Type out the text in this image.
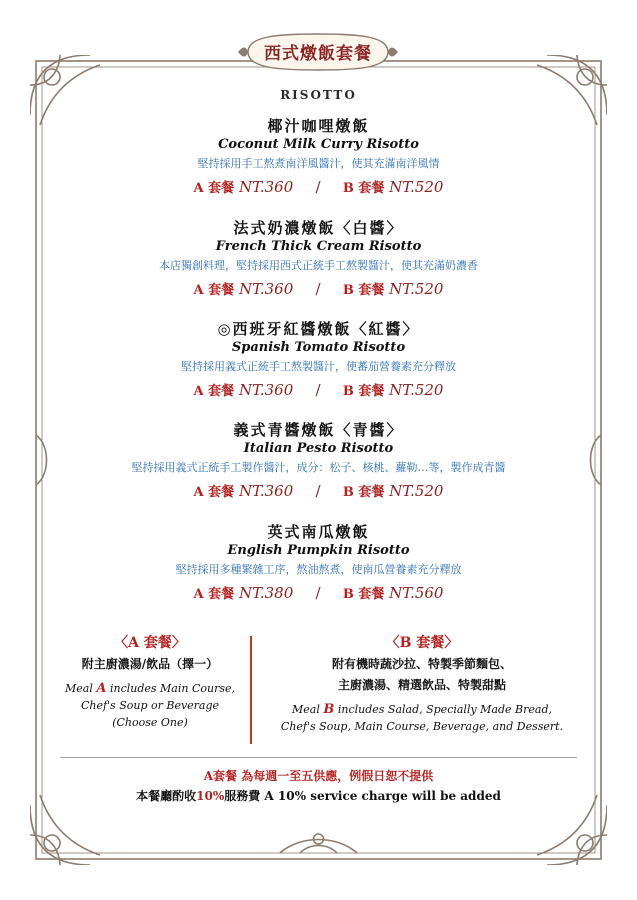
西式燉飯套餐
RISOTTO
椰汁咖哩燉飯
Coconut Milk Curry Risotto
堅持採用手工熬煮南洋風醬汁，使其充滿南洋風情
A 套餐 NT.360 / B 套餐 NT.520
法式奶濃燉飯〈白醬〉
French Thick Cream Risotto
本店獨創料理，堅持採用西式正統手工熬製醬汁，使其充滿奶濃香
A 套餐 NT.360 / B 套餐 NT.520
◎西班牙紅醬燉飯〈紅醬〉
Spanish Tomato Risotto
堅持採用義式正統手工熬製醬汁，使蕃茄營養素充分釋放
A 套餐 NT.360 / B 套餐 NT.520
義式青醬燉飯〈青醬〉
Italian Pesto Risotto
堅持採用義式正統手工製作醬汁，成分：松子、核桃、蘿勒…等，製作成青醬
A 套餐 NT.360 / B 套餐 NT.520
英式南瓜燉飯
English Pumpkin Risotto
堅持採用多種繁雜工序，熬油熬煮，使南瓜營養素充分釋放
A 套餐 NT.380 / B 套餐 NT.560
〈A 套餐〉
附主廚濃湯/飲品（擇一）
Meal A includes Main Course,
Chef's Soup or Beverage
(Choose One)
〈B 套餐〉
附有機時蔬沙拉、特製季節麵包、
主廚濃湯、精選飲品、特製甜點
Meal B includes Salad, Specially Made Bread,
Chef's Soup, Main Course, Beverage, and Dessert.
A套餐 為每週一至五供應，例假日恕不提供
本餐廳酌收10%服務費 A 10% service charge will be added
